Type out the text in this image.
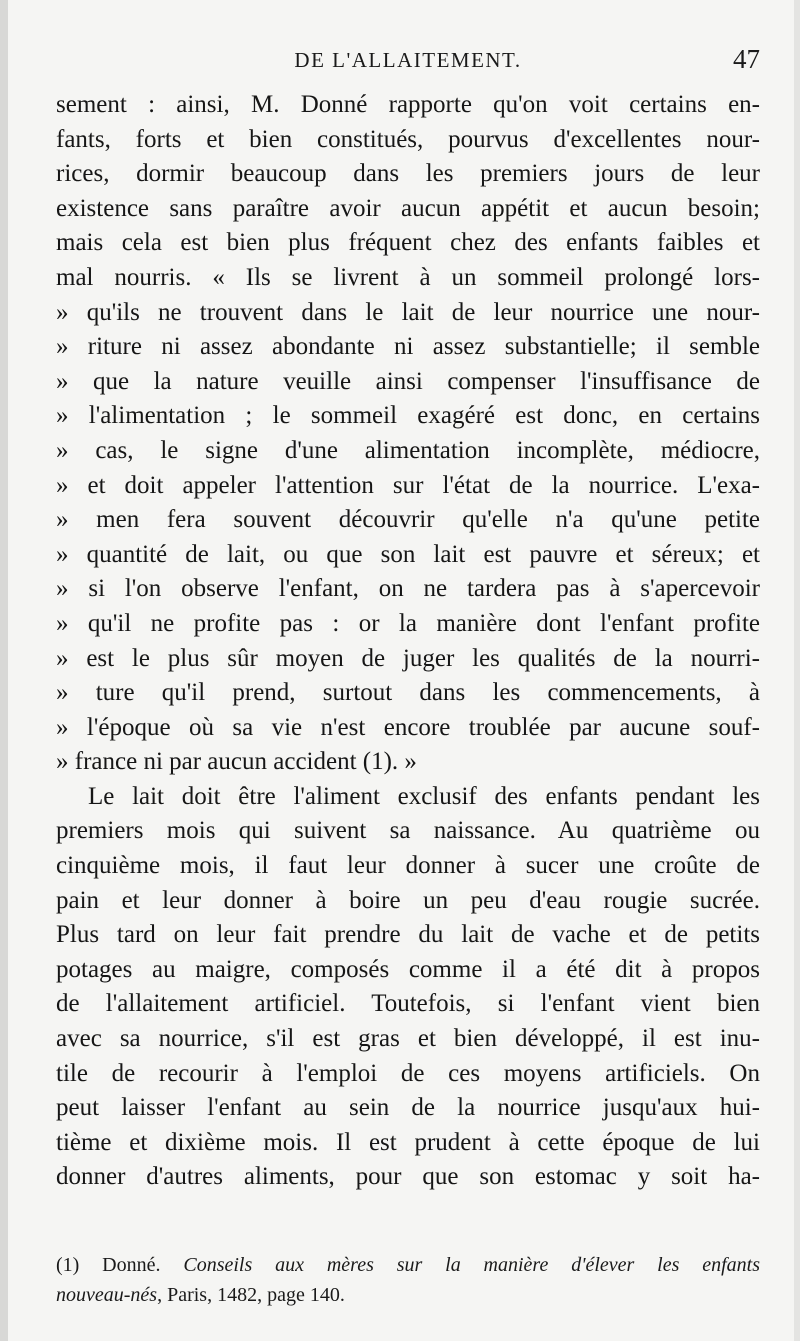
DE L'ALLAITEMENT.	47
sement : ainsi, M. Donné rapporte qu'on voit certains en-
fants, forts et bien constitués, pourvus d'excellentes nour-
rices, dormir beaucoup dans les premiers jours de leur
existence sans paraître avoir aucun appétit et aucun besoin;
mais cela est bien plus fréquent chez des enfants faibles et
mal nourris. « Ils se livrent à un sommeil prolongé lors-
» qu'ils ne trouvent dans le lait de leur nourrice une nour-
» riture ni assez abondante ni assez substantielle; il semble
» que la nature veuille ainsi compenser l'insuffisance de
» l'alimentation ; le sommeil exagéré est donc, en certains
» cas, le signe d'une alimentation incomplète, médiocre,
» et doit appeler l'attention sur l'état de la nourrice. L'exa-
» men fera souvent découvrir qu'elle n'a qu'une petite
» quantité de lait, ou que son lait est pauvre et séreux; et
» si l'on observe l'enfant, on ne tardera pas à s'apercevoir
» qu'il ne profite pas : or la manière dont l'enfant profite
» est le plus sûr moyen de juger les qualités de la nourri-
» ture qu'il prend, surtout dans les commencements, à
» l'époque où sa vie n'est encore troublée par aucune souf-
» france ni par aucun accident (1). »
Le lait doit être l'aliment exclusif des enfants pendant les
premiers mois qui suivent sa naissance. Au quatrième ou
cinquième mois, il faut leur donner à sucer une croûte de
pain et leur donner à boire un peu d'eau rougie sucrée.
Plus tard on leur fait prendre du lait de vache et de petits
potages au maigre, composés comme il a été dit à propos
de l'allaitement artificiel. Toutefois, si l'enfant vient bien
avec sa nourrice, s'il est gras et bien développé, il est inu-
tile de recourir à l'emploi de ces moyens artificiels. On
peut laisser l'enfant au sein de la nourrice jusqu'aux hui-
tième et dixième mois. Il est prudent à cette époque de lui
donner d'autres aliments, pour que son estomac y soit ha-
(1) Donné. Conseils aux mères sur la manière d'élever les enfants
nouveau-nés, Paris, 1482, page 140.
